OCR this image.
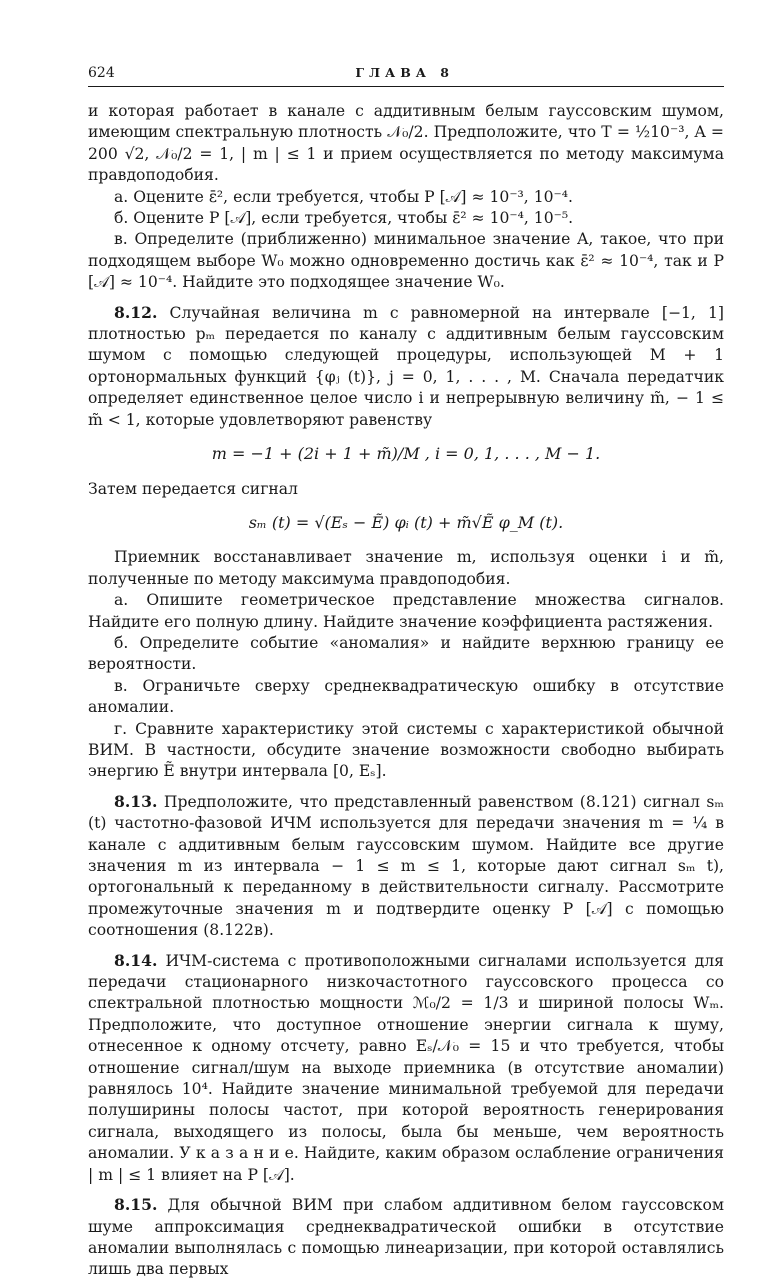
624	ГЛАВА 8

и которая работает в канале с аддитивным белым гауссовским шумом, имеющим спектральную плотность 𝒩₀/2. Предположите, что T = ½10⁻³, A = 200 √2, 𝒩₀/2 = 1, | m | ≤ 1 и прием осуществляется по методу максимума правдоподобия.

а. Оцените ε̄², если требуется, чтобы P [𝒜] ≈ 10⁻³, 10⁻⁴.

б. Оцените P [𝒜], если требуется, чтобы ε̄² ≈ 10⁻⁴, 10⁻⁵.

в. Определите (приближенно) минимальное значение A, такое, что при подходящем выборе W₀ можно одновременно достичь как ε̄² ≈ 10⁻⁴, так и P [𝒜] ≈ 10⁻⁴. Найдите это подходящее значение W₀.

8.12. Случайная величина m с равномерной на интервале [−1, 1] плотностью pₘ передается по каналу с аддитивным белым гауссовским шумом с помощью следующей процедуры, использующей M + 1 ортонормальных функций {φⱼ (t)}, j = 0, 1, . . . , M. Сначала передатчик определяет единственное целое число i и непрерывную величину m̃, − 1 ≤ m̃ < 1, которые удовлетворяют равенству

m = −1 + (2i + 1 + m̃)/M , i = 0, 1, . . . , M − 1.

Затем передается сигнал

sₘ (t) = √(Eₛ − Ẽ) φᵢ (t) + m̃√Ẽ φ_M (t).

Приемник восстанавливает значение m, используя оценки i и m̃, полученные по методу максимума правдоподобия.

а. Опишите геометрическое представление множества сигналов. Найдите его полную длину. Найдите значение коэффициента растяжения.

б. Определите событие «аномалия» и найдите верхнюю границу ее вероятности.

в. Ограничьте сверху среднеквадратическую ошибку в отсутствие аномалии.

г. Сравните характеристику этой системы с характеристикой обычной ВИМ. В частности, обсудите значение возможности свободно выбирать энергию Ẽ внутри интервала [0, Eₛ].

8.13. Предположите, что представленный равенством (8.121) сигнал sₘ (t) частотно-фазовой ИЧМ используется для передачи значения m = ¼ в канале с аддитивным белым гауссовским шумом. Найдите все другие значения m из интервала − 1 ≤ m ≤ 1, которые дают сигнал sₘ t), ортогональный к переданному в действительности сигналу. Рассмотрите промежуточные значения m и подтвердите оценку P [𝒜] с помощью соотношения (8.122в).

8.14. ИЧМ-система с противоположными сигналами используется для передачи стационарного низкочастотного гауссовского процесса со спектральной плотностью мощности ℳ₀/2 = 1/3 и шириной полосы Wₘ. Предположите, что доступное отношение энергии сигнала к шуму, отнесенное к одному отсчету, равно Eₛ/𝒩₀ = 15 и что требуется, чтобы отношение сигнал/шум на выходе приемника (в отсутствие аномалии) равнялось 10⁴. Найдите значение минимальной требуемой для передачи полуширины полосы частот, при которой вероятность генерирования сигнала, выходящего из полосы, была бы меньше, чем вероятность аномалии. У к а з а н и е. Найдите, каким образом ослабление ограничения | m | ≤ 1 влияет на P [𝒜].

8.15. Для обычной ВИМ при слабом аддитивном белом гауссовском шуме аппроксимация среднеквадратической ошибки в отсутствие аномалии выполнялась с помощью линеаризации, при которой оставлялись лишь два первых
